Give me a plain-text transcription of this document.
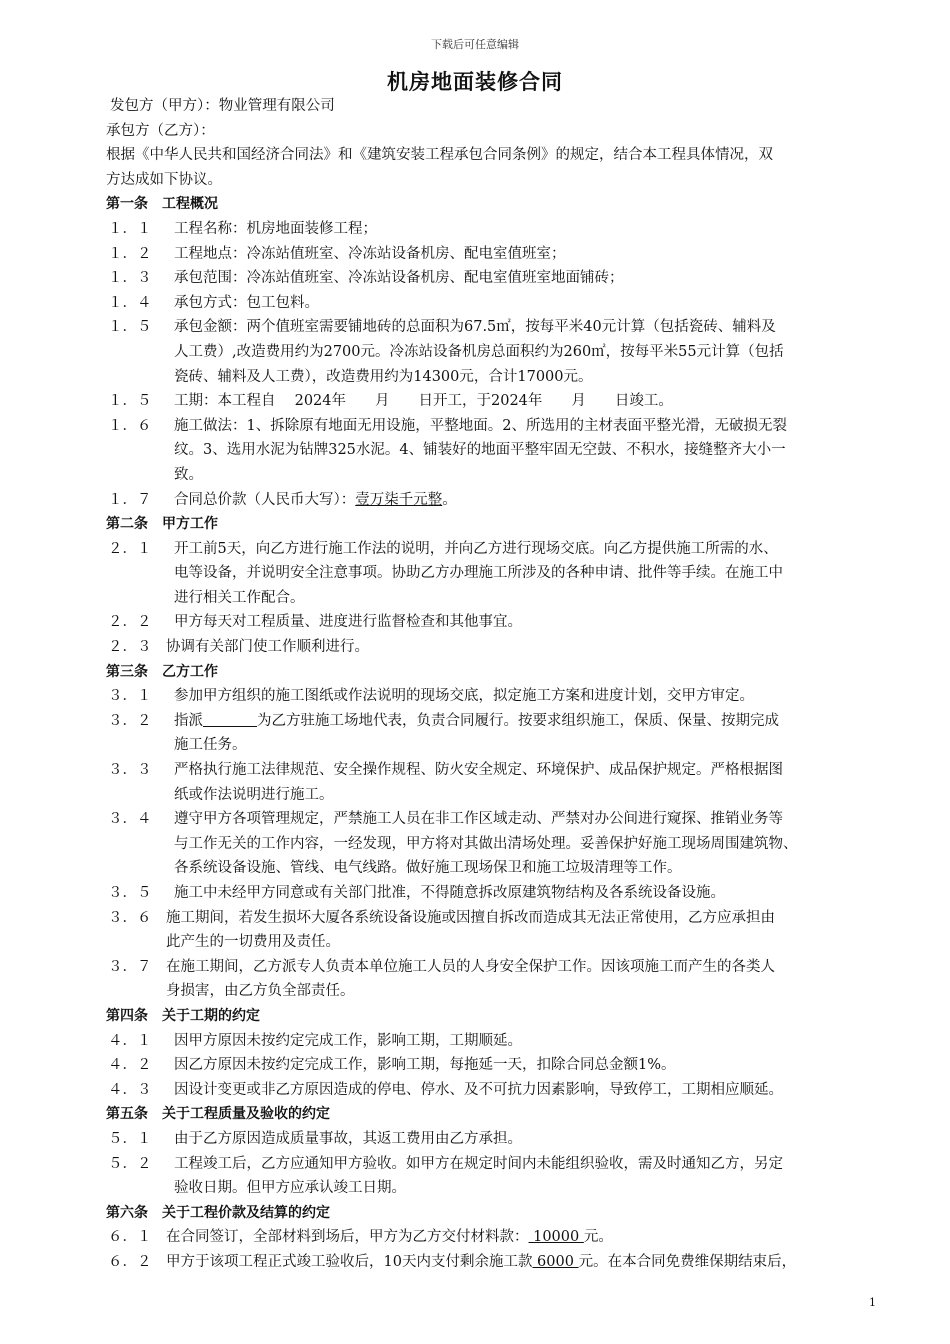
下载后可任意编辑
机房地面装修合同
发包方（甲方）：物业管理有限公司
承包方（乙方）：
根据《中华人民共和国经济合同法》和《建筑安装工程承包合同条例》的规定，结合本工程具体情况，双
方达成如下协议。
第一条　工程概况
１．１	工程名称：机房地面装修工程；
１．２	工程地点：冷冻站值班室、冷冻站设备机房、配电室值班室；
１．３	承包范围：冷冻站值班室、冷冻站设备机房、配电室值班室地面铺砖；
１．４	承包方式：包工包料。
１．５	承包金额：两个值班室需要铺地砖的总面积为67.5㎡，按每平米40元计算（包括瓷砖、辅料及
人工费）,改造费用约为2700元。冷冻站设备机房总面积约为260㎡，按每平米55元计算（包括
瓷砖、辅料及人工费），改造费用约为14300元，合计17000元。
１．５	工期：本工程自　 2024年　　月　　日开工，于2024年　　月　　日竣工。
１．６	施工做法：1、拆除原有地面无用设施，平整地面。2、所选用的主材表面平整光滑，无破损无裂
纹。3、选用水泥为钻牌325水泥。4、铺装好的地面平整牢固无空鼓、不积水，接缝整齐大小一
致。
１．７	合同总价款（人民币大写）：壹万柒千元整。
第二条　甲方工作
２．１	开工前5天，向乙方进行施工作法的说明，并向乙方进行现场交底。向乙方提供施工所需的水、
电等设备，并说明安全注意事项。协助乙方办理施工所涉及的各种申请、批件等手续。在施工中
进行相关工作配合。
２．２	甲方每天对工程质量、进度进行监督检查和其他事宜。
２．３	协调有关部门使工作顺利进行。
第三条　乙方工作
３．１	参加甲方组织的施工图纸或作法说明的现场交底，拟定施工方案和进度计划，交甲方审定。
３．２	指派	为乙方驻施工场地代表，负责合同履行。按要求组织施工，保质、保量、按期完成
施工任务。
３．３	严格执行施工法律规范、安全操作规程、防火安全规定、环境保护、成品保护规定。严格根据图
纸或作法说明进行施工。
３．４	遵守甲方各项管理规定，严禁施工人员在非工作区域走动、严禁对办公间进行窥探、推销业务等
与工作无关的工作内容，一经发现，甲方将对其做出清场处理。妥善保护好施工现场周围建筑物、
各系统设备设施、管线、电气线路。做好施工现场保卫和施工垃圾清理等工作。
３．５	施工中未经甲方同意或有关部门批准，不得随意拆改原建筑物结构及各系统设备设施。
３．６	施工期间，若发生损坏大厦各系统设备设施或因擅自拆改而造成其无法正常使用，乙方应承担由
此产生的一切费用及责任。
３．７	在施工期间，乙方派专人负责本单位施工人员的人身安全保护工作。因该项施工而产生的各类人
身损害，由乙方负全部责任。
第四条　关于工期的约定
４．１	因甲方原因未按约定完成工作，影响工期，工期顺延。
４．２	因乙方原因未按约定完成工作，影响工期，每拖延一天，扣除合同总金额1%。
４．３	因设计变更或非乙方原因造成的停电、停水、及不可抗力因素影响，导致停工，工期相应顺延。
第五条　关于工程质量及验收的约定
５．１	由于乙方原因造成质量事故，其返工费用由乙方承担。
５．２	工程竣工后，乙方应通知甲方验收。如甲方在规定时间内未能组织验收，需及时通知乙方，另定
验收日期。但甲方应承认竣工日期。
第六条　关于工程价款及结算的约定
６．１	在合同签订，全部材料到场后，甲方为乙方交付材料款： 10000 元。
６．２	甲方于该项工程正式竣工验收后，10天内支付剩余施工款 6000 元。在本合同免费维保期结束后，
1
